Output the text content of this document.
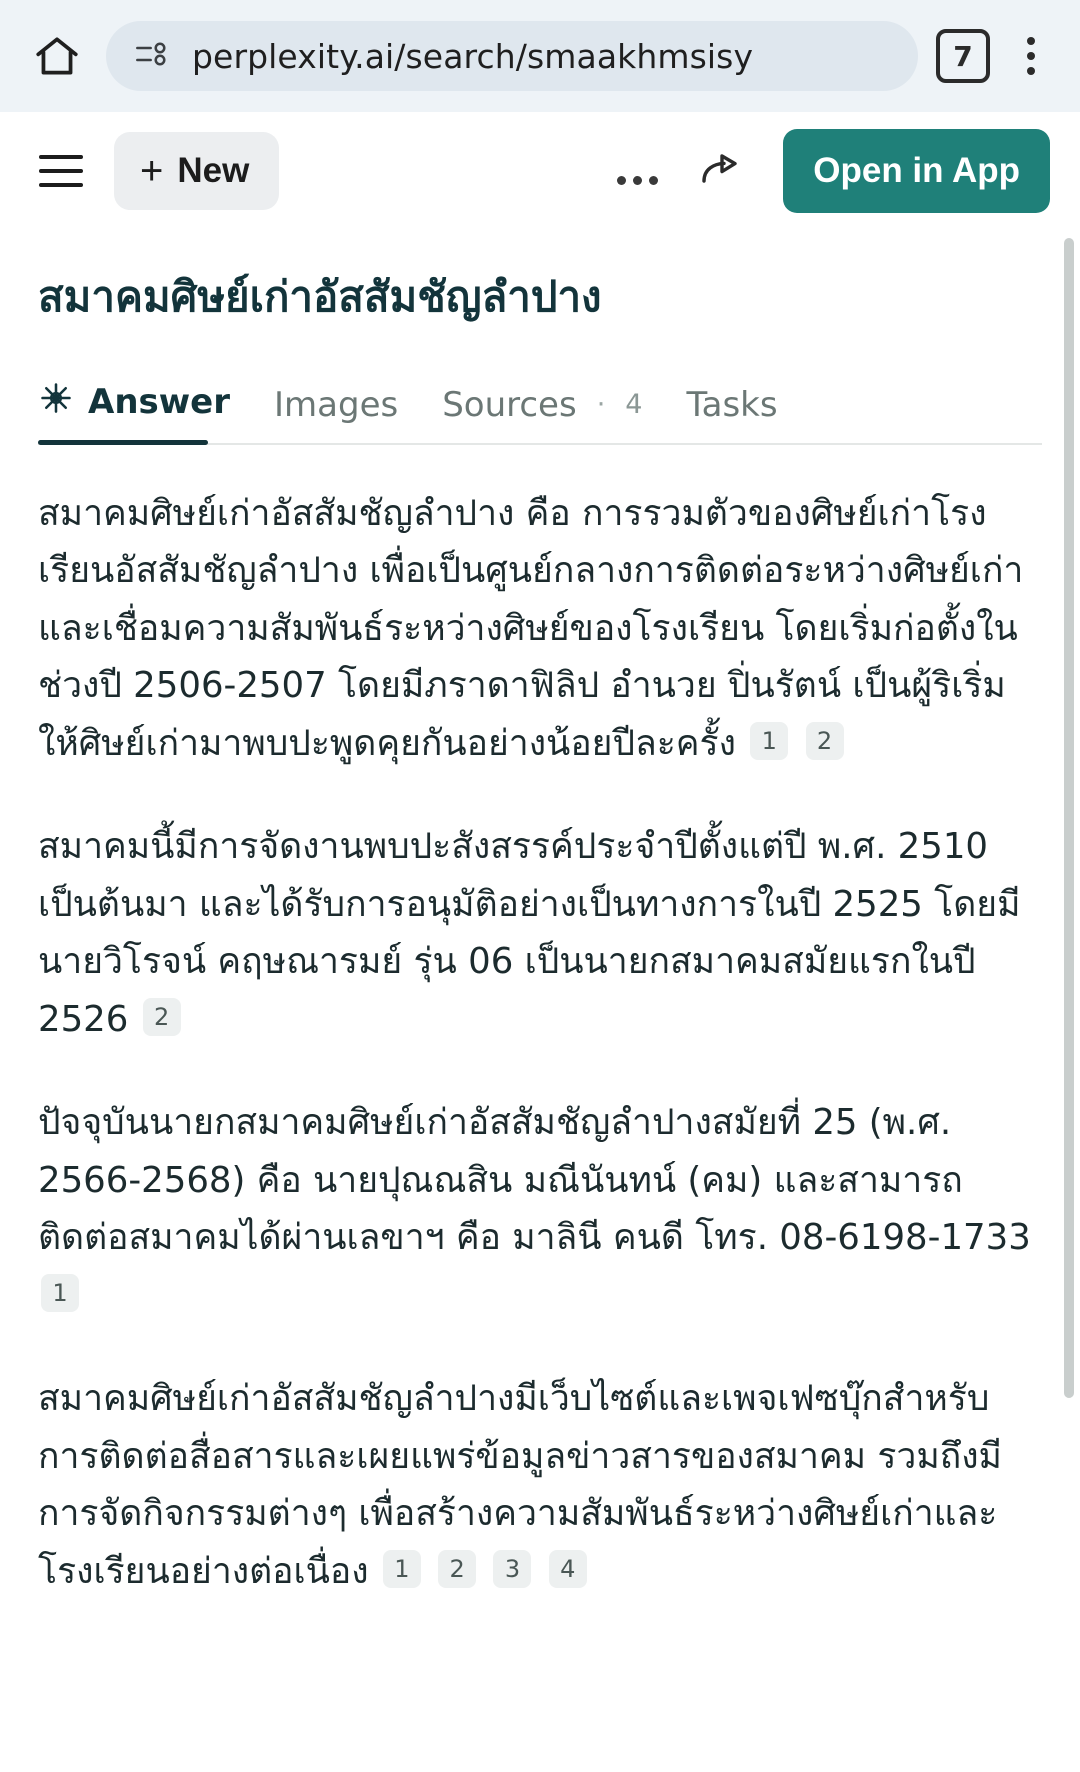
perplexity.ai/search/smaakhmsisy	7
+ New	Open in App
สมาคมศิษย์เก่าอัสสัมชัญลำปาง
Answer Images Sources · 4 Tasks

สมาคมศิษย์เก่าอัสสัมชัญลำปาง คือ การรวมตัวของศิษย์เก่าโรงเรียนอัสสัมชัญลำปาง เพื่อเป็นศูนย์กลางการติดต่อระหว่างศิษย์เก่า และเชื่อมความสัมพันธ์ระหว่างศิษย์ของโรงเรียน โดยเริ่มก่อตั้งในช่วงปี 2506-2507 โดยมีภราดาฟิลิป อำนวย ปิ่นรัตน์ เป็นผู้ริเริ่มให้ศิษย์เก่ามาพบปะพูดคุยกันอย่างน้อยปีละครั้ง 1 2

สมาคมนี้มีการจัดงานพบปะสังสรรค์ประจำปีตั้งแต่ปี พ.ศ. 2510 เป็นต้นมา และได้รับการอนุมัติอย่างเป็นทางการในปี 2525 โดยมีนายวิโรจน์ คฤษณารมย์ รุ่น 06 เป็นนายกสมาคมสมัยแรกในปี 2526 2

ปัจจุบันนายกสมาคมศิษย์เก่าอัสสัมชัญลำปางสมัยที่ 25 (พ.ศ. 2566-2568) คือ นายปุณณสิน มณีนันทน์ (คม) และสามารถติดต่อสมาคมได้ผ่านเลขาฯ คือ มาลินี คนดี โทร. 08-6198-1733 1

สมาคมศิษย์เก่าอัสสัมชัญลำปางมีเว็บไซต์และเพจเฟซบุ๊กสำหรับการติดต่อสื่อสารและเผยแพร่ข้อมูลข่าวสารของสมาคม รวมถึงมีการจัดกิจกรรมต่างๆ เพื่อสร้างความสัมพันธ์ระหว่างศิษย์เก่าและโรงเรียนอย่างต่อเนื่อง 1 2 3 4
